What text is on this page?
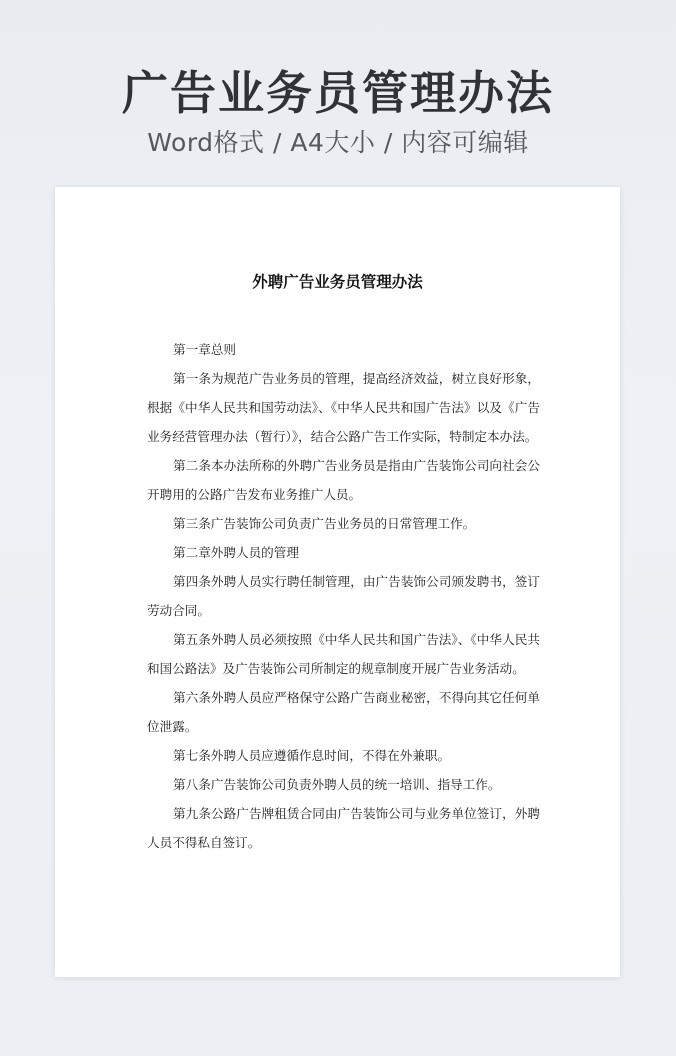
广告业务员管理办法
Word格式 / A4大小 / 内容可编辑
外聘广告业务员管理办法

第一章总则

第一条为规范广告业务员的管理，提高经济效益，树立良好形象，根据《中华人民共和国劳动法》、《中华人民共和国广告法》以及《广告业务经营管理办法（暂行）》，结合公路广告工作实际，特制定本办法。

第二条本办法所称的外聘广告业务员是指由广告装饰公司向社会公开聘用的公路广告发布业务推广人员。

第三条广告装饰公司负责广告业务员的日常管理工作。

第二章外聘人员的管理

第四条外聘人员实行聘任制管理，由广告装饰公司颁发聘书，签订劳动合同。

第五条外聘人员必须按照《中华人民共和国广告法》、《中华人民共和国公路法》及广告装饰公司所制定的规章制度开展广告业务活动。

第六条外聘人员应严格保守公路广告商业秘密，不得向其它任何单位泄露。

第七条外聘人员应遵循作息时间，不得在外兼职。

第八条广告装饰公司负责外聘人员的统一培训、指导工作。

第九条公路广告牌租赁合同由广告装饰公司与业务单位签订，外聘人员不得私自签订。
